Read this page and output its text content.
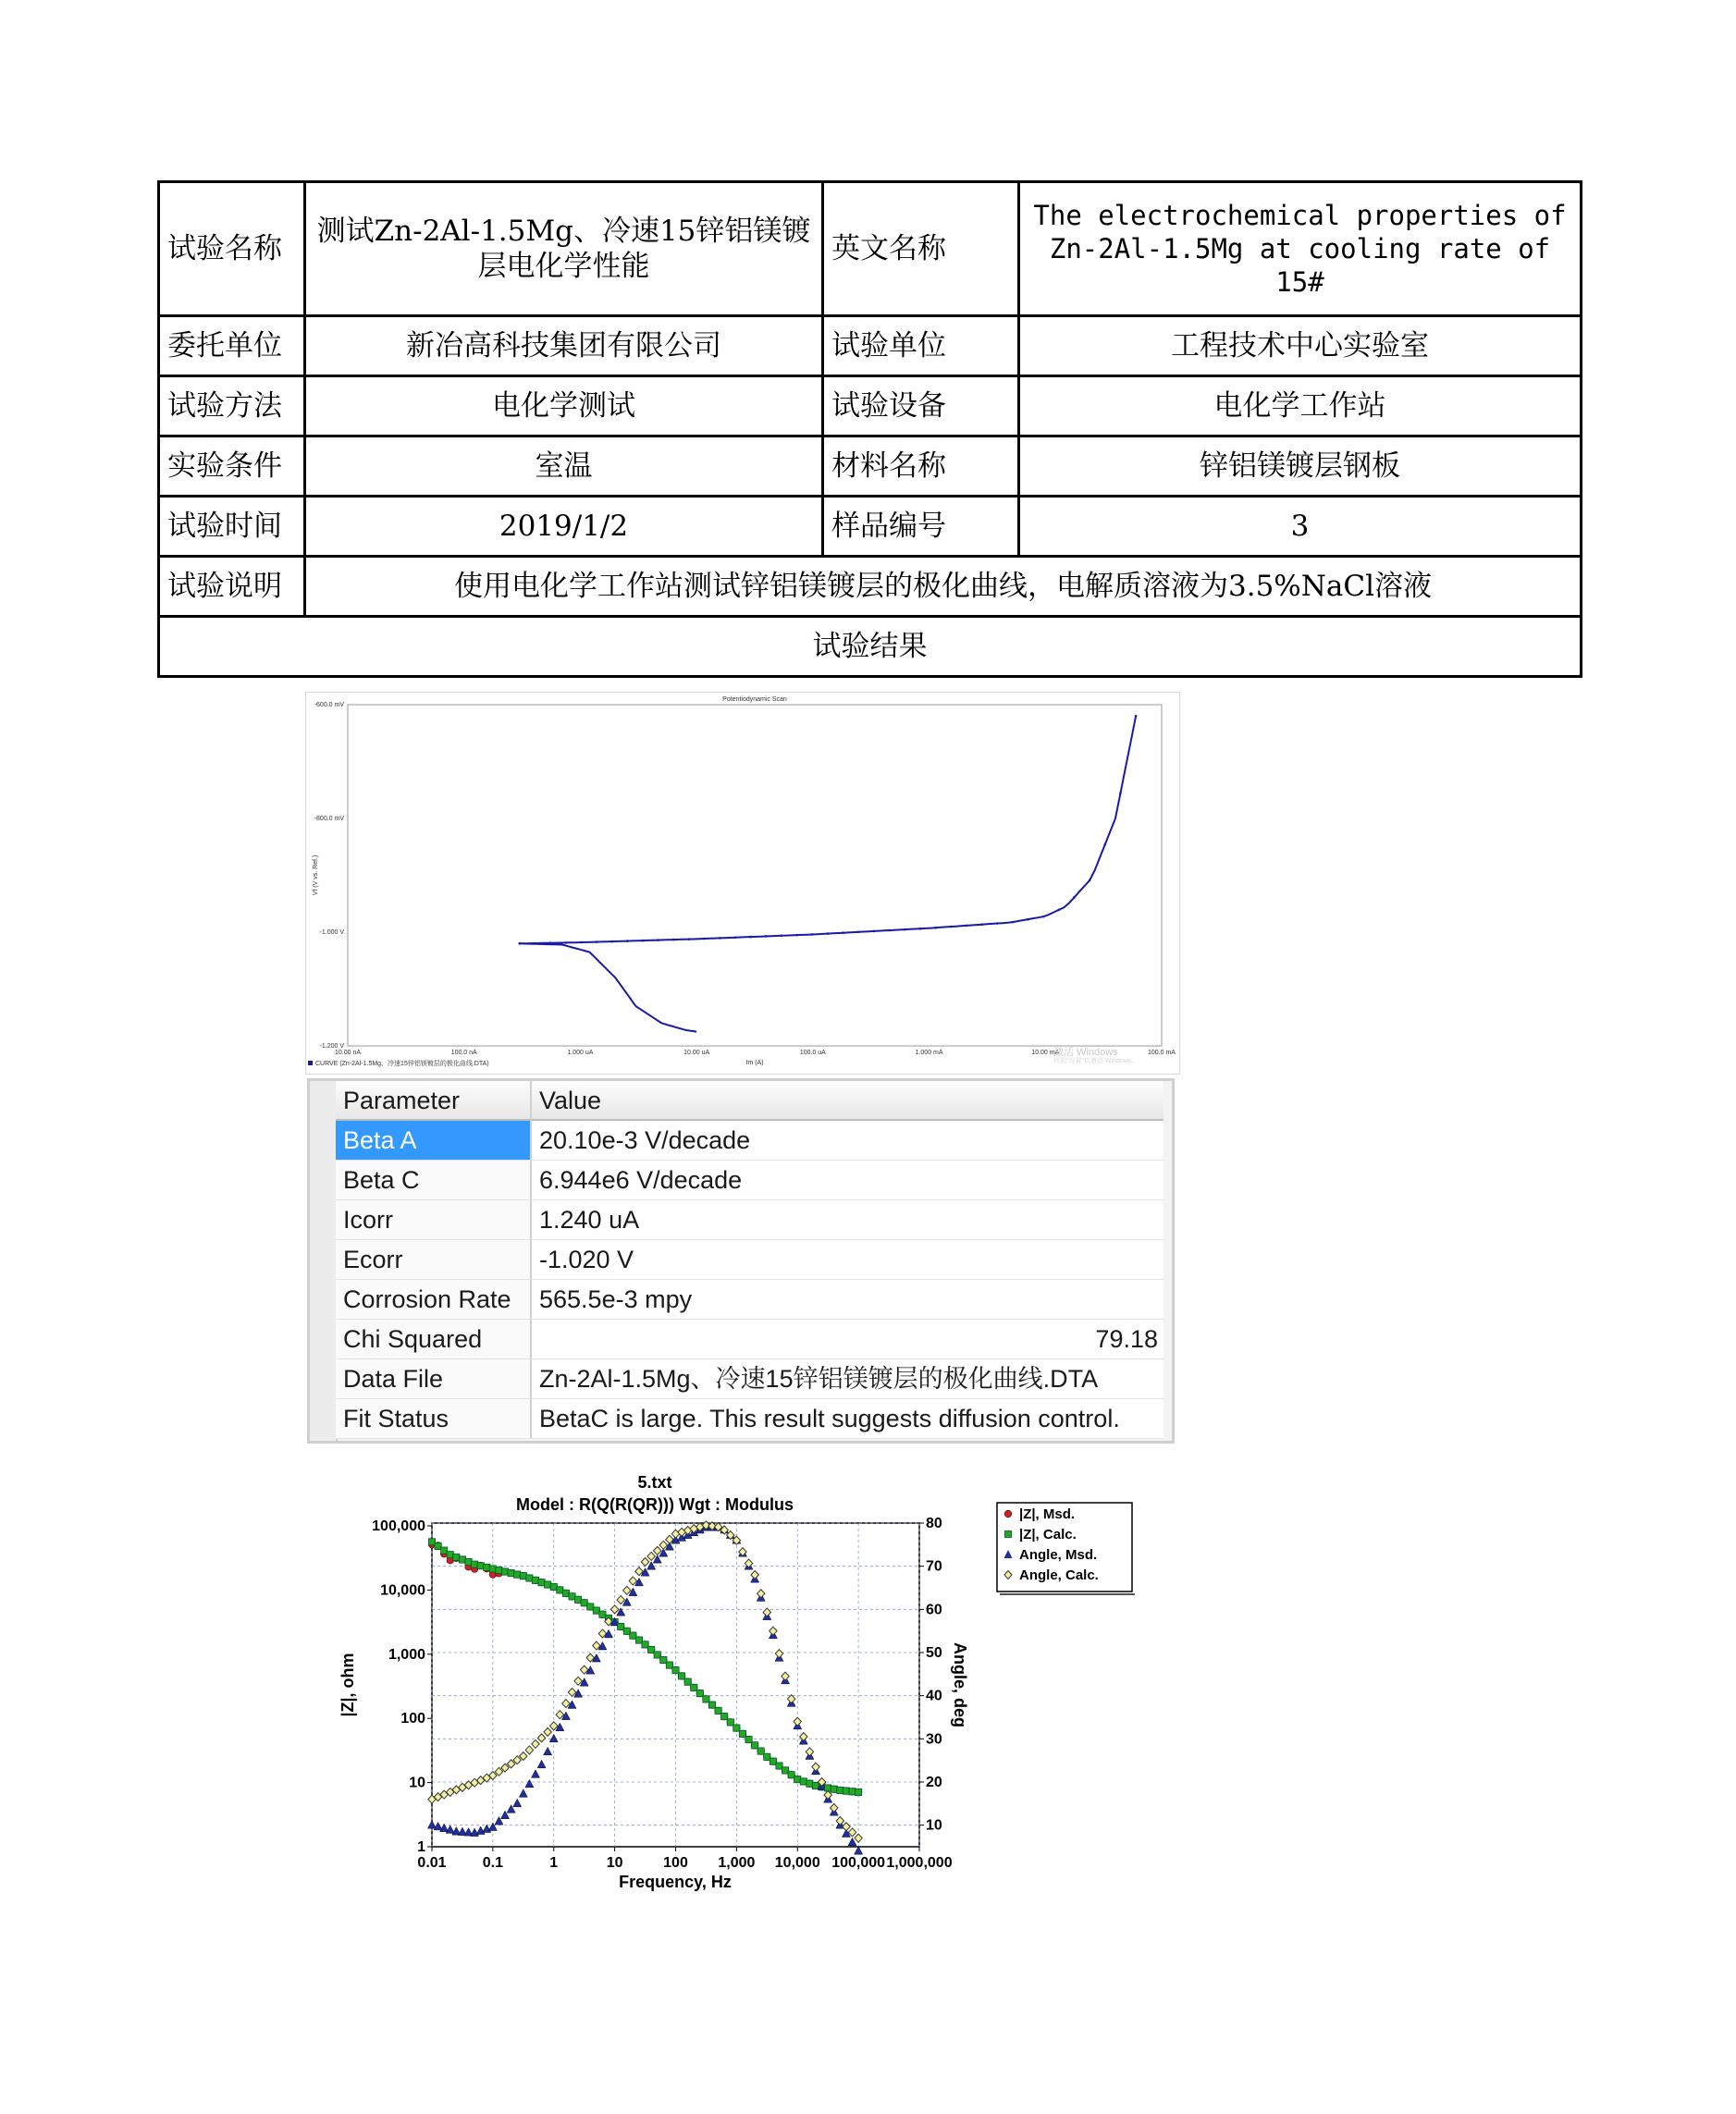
试验名称	测试Zn-2Al-1.5Mg、冷速15锌铝镁镀层电化学性能	英文名称	The electrochemical properties of Zn-2Al-1.5Mg at cooling rate of 15#
委托单位	新冶高科技集团有限公司	试验单位	工程技术中心实验室
试验方法	电化学测试	试验设备	电化学工作站
实验条件	室温	材料名称	锌铝镁镀层钢板
试验时间	2019/1/2	样品编号	3
试验说明	使用电化学工作站测试锌铝镁镀层的极化曲线，电解质溶液为3.5%NaCl溶液		
试验结果			
Potentiodynamic Scan
-600.0 mV
-800.0 mV
-1.000 V
-1.200 V
10.00 nA	100.0 nA	1.000 uA	10.00 uA	100.0 uA	1.000 mA	10.00 mA	100.0 mA
Im (A)
Vf (V vs. Ref.)
CURVE (Zn-2Al-1.5Mg、冷速15锌铝镁镀层的极化曲线.DTA)
激活 Windows
转到"设置"以激活 Windows。
Parameter	Value
Beta A	20.10e-3 V/decade
Beta C	6.944e6 V/decade
Icorr	1.240 uA
Ecorr	-1.020 V
Corrosion Rate	565.5e-3 mpy
Chi Squared	79.18
Data File	Zn-2Al-1.5Mg、冷速15锌铝镁镀层的极化曲线.DTA
Fit Status	BetaC is large. This result suggests diffusion control.
0.01 0.1	1	10	100 1,000 10,000 100,000 1,000,000
1
10
100
1,000
10,000
100,000
10
20
30
40
50
60
70
80
5.txt
Model : R(Q(R(QR))) Wgt : Modulus
Frequency, Hz
|Z|, ohm	Angle, deg
|Z|, Msd.
|Z|, Calc.
Angle, Msd.
Angle, Calc.
